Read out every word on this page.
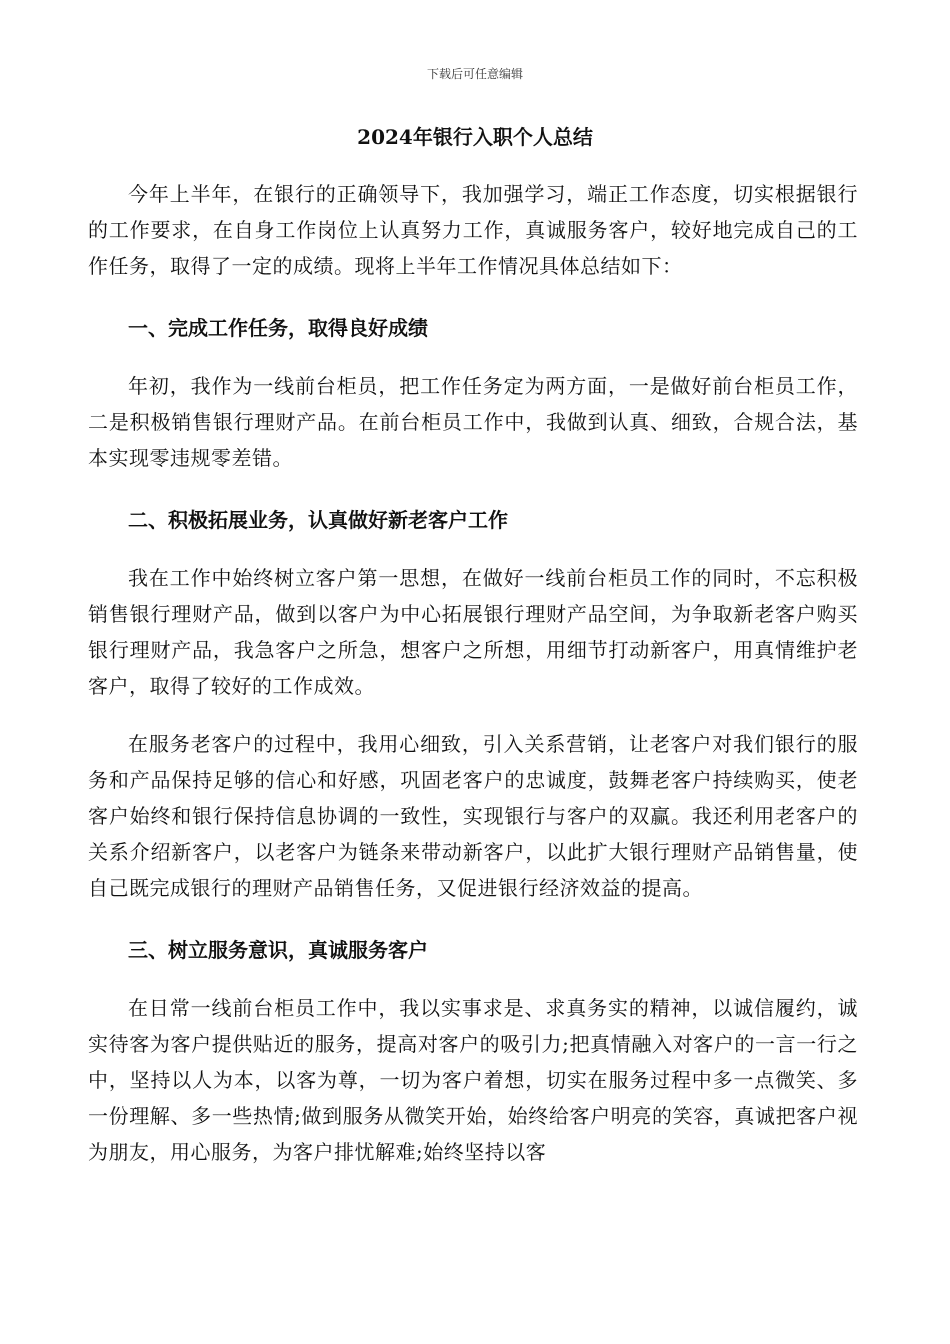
下载后可任意编辑
2024年银行入职个人总结

今年上半年，在银行的正确领导下，我加强学习，端正工作态度，切实根据银行的工作要求，在自身工作岗位上认真努力工作，真诚服务客户，较好地完成自己的工作任务，取得了一定的成绩。现将上半年工作情况具体总结如下：

一、完成工作任务，取得良好成绩

年初，我作为一线前台柜员，把工作任务定为两方面，一是做好前台柜员工作，二是积极销售银行理财产品。在前台柜员工作中，我做到认真、细致，合规合法，基本实现零违规零差错。

二、积极拓展业务，认真做好新老客户工作

我在工作中始终树立客户第一思想，在做好一线前台柜员工作的同时，不忘积极销售银行理财产品，做到以客户为中心拓展银行理财产品空间，为争取新老客户购买银行理财产品，我急客户之所急，想客户之所想，用细节打动新客户，用真情维护老客户，取得了较好的工作成效。

在服务老客户的过程中，我用心细致，引入关系营销，让老客户对我们银行的服务和产品保持足够的信心和好感，巩固老客户的忠诚度，鼓舞老客户持续购买，使老客户始终和银行保持信息协调的一致性，实现银行与客户的双赢。我还利用老客户的关系介绍新客户，以老客户为链条来带动新客户，以此扩大银行理财产品销售量，使自己既完成银行的理财产品销售任务，又促进银行经济效益的提高。

三、树立服务意识，真诚服务客户

在日常一线前台柜员工作中，我以实事求是、求真务实的精神，以诚信履约，诚实待客为客户提供贴近的服务，提高对客户的吸引力;把真情融入对客户的一言一行之中，坚持以人为本，以客为尊，一切为客户着想，切实在服务过程中多一点微笑、多一份理解、多一些热情;做到服务从微笑开始，始终给客户明亮的笑容，真诚把客户视为朋友，用心服务，为客户排忧解难;始终坚持以客
